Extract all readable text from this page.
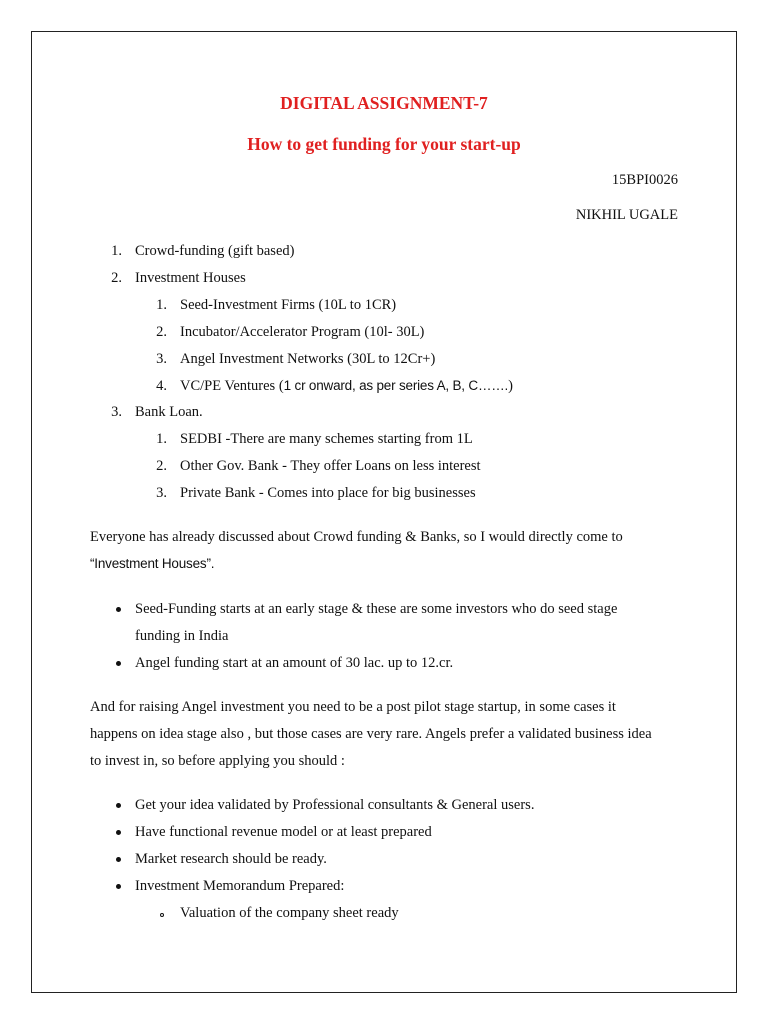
DIGITAL ASSIGNMENT-7
How to get funding for your start-up
15BPI0026
NIKHIL UGALE
1. Crowd-funding (gift based)
2. Investment Houses
1. Seed-Investment Firms (10L to 1CR)
2. Incubator/Accelerator Program (10l- 30L)
3. Angel Investment Networks (30L to 12Cr+)
4. VC/PE Ventures (1 cr onward, as per series A, B, C…….)
3. Bank Loan.
1. SEDBI -There are many schemes starting from 1L
2. Other Gov. Bank - They offer Loans on less interest
3. Private Bank - Comes into place for big businesses
Everyone has already discussed about Crowd funding & Banks, so I would directly come to
“Investment Houses”.
Seed-Funding starts at an early stage & these are some investors who do seed stage
funding in India
Angel funding start at an amount of 30 lac. up to 12.cr.
And for raising Angel investment you need to be a post pilot stage startup, in some cases it
happens on idea stage also , but those cases are very rare. Angels prefer a validated business idea
to invest in, so before applying you should :
Get your idea validated by Professional consultants & General users.
Have functional revenue model or at least prepared
Market research should be ready.
Investment Memorandum Prepared:
Valuation of the company sheet ready
